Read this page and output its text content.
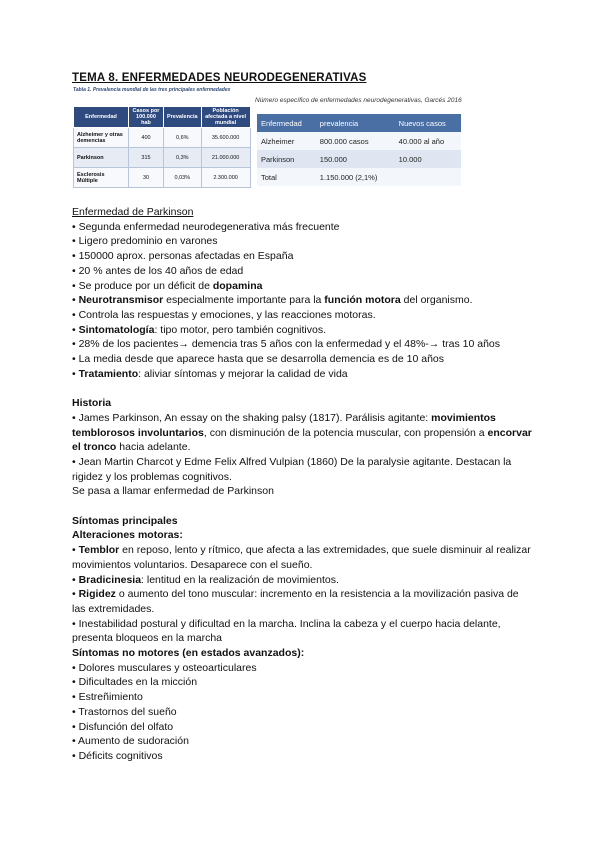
TEMA 8. ENFERMEDADES NEURODEGENERATIVAS
Tabla 1. Prevalencia mundial de las tres principales enfermedades
Enfermedad	Casos por 100.000 hab	Prevalencia	Población afectada a nivel mundial
Alzheimer y otras demencias	400	0,6%	35.600.000
Parkinson	315	0,3%	21.000.000
Esclerosis Múltiple	30	0,03%	2.300.000
Número específico de enfermedades neurodegenerativas, Garcés 2016
Enfermedad	prevalencia	Nuevos casos
Alzheimer	800.000 casos	40.000 al año
Parkinson	150.000	10.000
Total	1.150.000 (2,1%)	

Enfermedad de Parkinson

• Segunda enfermedad neurodegenerativa más frecuente

• Ligero predominio en varones

• 150000 aprox. personas afectadas en España

• 20 % antes de los 40 años de edad

• Se produce por un déficit de dopamina

• Neurotransmisor especialmente importante para la función motora del organismo.

• Controla las respuestas y emociones, y las reacciones motoras.

• Sintomatología: tipo motor, pero también cognitivos.

• 28% de los pacientes→ demencia tras 5 años con la enfermedad y el 48%-→ tras 10 años

• La media desde que aparece hasta que se desarrolla demencia es de 10 años

• Tratamiento: aliviar síntomas y mejorar la calidad de vida

Historia

• James Parkinson, An essay on the shaking palsy (1817). Parálisis agitante: movimientos temblorosos involuntarios, con disminución de la potencia muscular, con propensión a encorvar el tronco hacia adelante.

• Jean Martin Charcot y Edme Felix Alfred Vulpian (1860) De la paralysie agitante. Destacan la rigidez y los problemas cognitivos.

Se pasa a llamar enfermedad de Parkinson

Síntomas principales

Alteraciones motoras:

• Temblor en reposo, lento y rítmico, que afecta a las extremidades, que suele disminuir al realizar movimientos voluntarios. Desaparece con el sueño.

• Bradicinesia: lentitud en la realización de movimientos.

• Rigidez o aumento del tono muscular: incremento en la resistencia a la movilización pasiva de las extremidades.

• Inestabilidad postural y dificultad en la marcha. Inclina la cabeza y el cuerpo hacia delante, presenta bloqueos en la marcha

Síntomas no motores (en estados avanzados):

• Dolores musculares y osteoarticulares

• Dificultades en la micción

• Estreñimiento

• Trastornos del sueño

• Disfunción del olfato

• Aumento de sudoración

• Déficits cognitivos
